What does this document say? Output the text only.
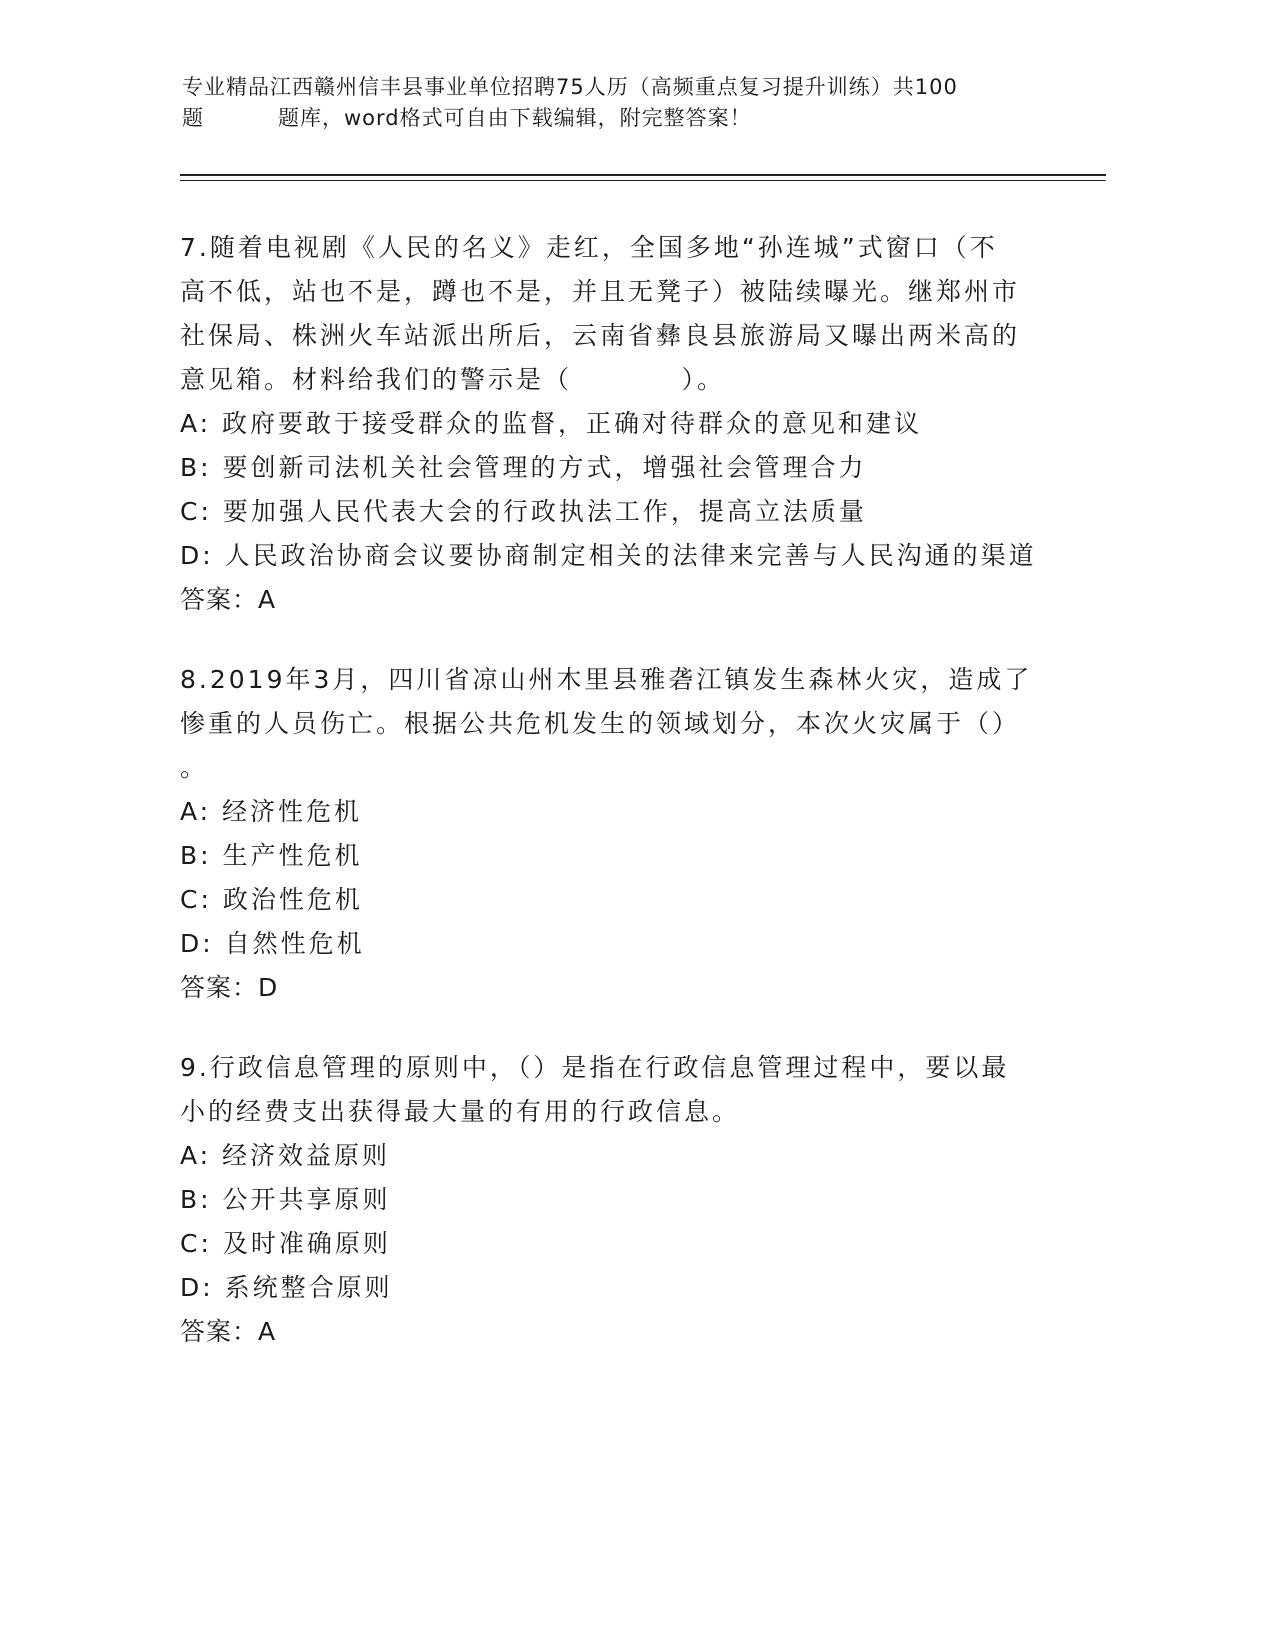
专业精品江西赣州信丰县事业单位招聘75人历（高频重点复习提升训练）共100
题	题库，word格式可自由下载编辑，附完整答案！
7.随着电视剧《人民的名义》走红，全国多地“孙连城”式窗口（不
高不低，站也不是，蹲也不是，并且无凳子）被陆续曝光。继郑州市
社保局、株洲火车站派出所后，云南省彝良县旅游局又曝出两米高的
意见箱。材料给我们的警示是（          ）。
A: 政府要敢于接受群众的监督，正确对待群众的意见和建议
B: 要创新司法机关社会管理的方式，增强社会管理合力
C: 要加强人民代表大会的行政执法工作，提高立法质量
D: 人民政治协商会议要协商制定相关的法律来完善与人民沟通的渠道
答案：A
8.2019年3月，四川省凉山州木里县雅砻江镇发生森林火灾，造成了
惨重的人员伤亡。根据公共危机发生的领域划分，本次火灾属于（）
。
A: 经济性危机
B: 生产性危机
C: 政治性危机
D: 自然性危机
答案：D
9.行政信息管理的原则中，（）是指在行政信息管理过程中，要以最
小的经费支出获得最大量的有用的行政信息。
A: 经济效益原则
B: 公开共享原则
C: 及时准确原则
D: 系统整合原则
答案：A
